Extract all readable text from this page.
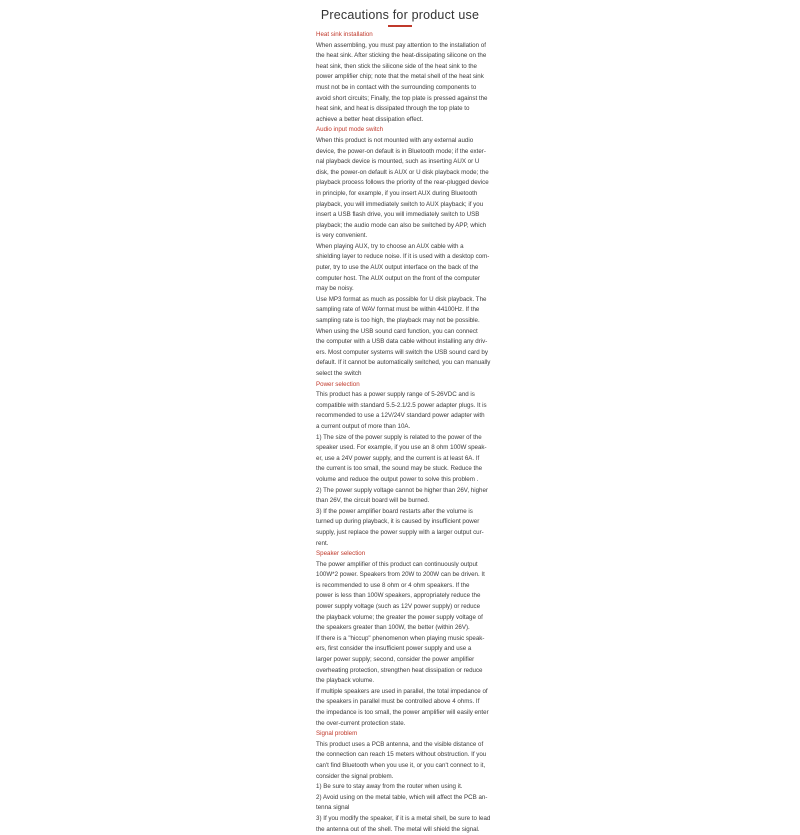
Precautions for product use
Heat sink installation
When assembling, you must pay attention to the installation of
the heat sink. After sticking the heat-dissipating silicone on the
heat sink, then stick the silicone side of the heat sink to the
power amplifier chip; note that the metal shell of the heat sink
must not be in contact with the surrounding components to
avoid short circuits; Finally, the top plate is pressed against the
heat sink, and heat is dissipated through the top plate to
achieve a better heat dissipation effect.
Audio input mode switch
When this product is not mounted with any external audio
device, the power-on default is in Bluetooth mode; if the exter-
nal playback device is mounted, such as inserting AUX or U
disk, the power-on default is AUX or U disk playback mode; the
playback process follows the priority of the rear-plugged device
in principle, for example, if you insert AUX during Bluetooth
playback, you will immediately switch to AUX playback; if you
insert a USB flash drive, you will immediately switch to USB
playback; the audio mode can also be switched by APP, which
is very convenient.
When playing AUX, try to choose an AUX cable with a
shielding layer to reduce noise. If it is used with a desktop com-
puter, try to use the AUX output interface on the back of the
computer host. The AUX output on the front of the computer
may be noisy.
Use MP3 format as much as possible for U disk playback. The
sampling rate of WAV format must be within 44100Hz. If the
sampling rate is too high, the playback may not be possible.
When using the USB sound card function, you can connect
the computer with a USB data cable without installing any driv-
ers. Most computer systems will switch the USB sound card by
default. If it cannot be automatically switched, you can manually
select the switch
Power selection
This product has a power supply range of 5-26VDC and is
compatible with standard 5.5-2.1/2.5 power adapter plugs. It is
recommended to use a 12V/24V standard power adapter with
a current output of more than 10A.
1) The size of the power supply is related to the power of the
speaker used. For example, if you use an 8 ohm 100W speak-
er, use a 24V power supply, and the current is at least 6A. If
the current is too small, the sound may be stuck. Reduce the
volume and reduce the output power to solve this problem .
2) The power supply voltage cannot be higher than 26V, higher
than 26V, the circuit board will be burned.
3) If the power amplifier board restarts after the volume is
turned up during playback, it is caused by insufficient power
supply, just replace the power supply with a larger output cur-
rent.
Speaker selection
The power amplifier of this product can continuously output
100W*2 power. Speakers from 20W to 200W can be driven. It
is recommended to use 8 ohm or 4 ohm speakers. If the
power is less than 100W speakers, appropriately reduce the
power supply voltage (such as 12V power supply) or reduce
the playback volume; the greater the power supply voltage of
the speakers greater than 100W, the better (within 26V).
If there is a "hiccup" phenomenon when playing music speak-
ers, first consider the insufficient power supply and use a
larger power supply; second, consider the power amplifier
overheating protection, strengthen heat dissipation or reduce
the playback volume.
If multiple speakers are used in parallel, the total impedance of
the speakers in parallel must be controlled above 4 ohms. If
the impedance is too small, the power amplifier will easily enter
the over-current protection state.
Signal problem
This product uses a PCB antenna, and the visible distance of
the connection can reach 15 meters without obstruction. If you
can't find Bluetooth when you use it, or you can't connect to it,
consider the signal problem.
1) Be sure to stay away from the router when using it.
2) Avoid using on the metal table, which will affect the PCB an-
tenna signal
3) If you modify the speaker, if it is a metal shell, be sure to lead
the antenna out of the shell. The metal will shield the signal.
